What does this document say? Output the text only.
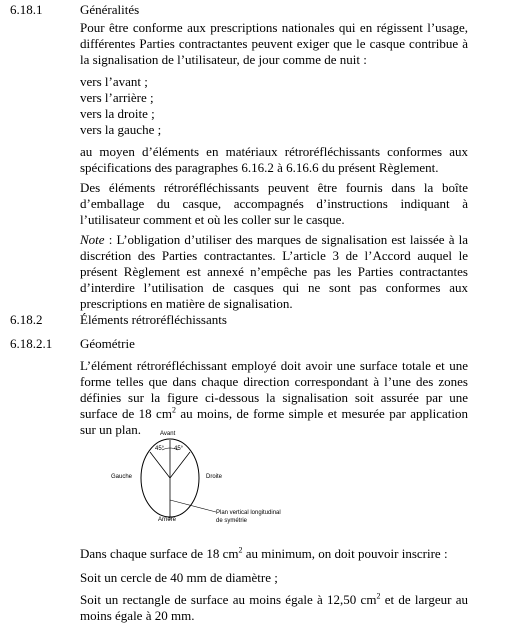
6.18.1	Généralités
Pour être conforme aux prescriptions nationales qui en régissent l’usage, différentes Parties contractantes peuvent exiger que le casque contribue à la signalisation de l’utilisateur, de jour comme de nuit :
vers l’avant ;
vers l’arrière ;
vers la droite ;
vers la gauche ;
au moyen d’éléments en matériaux rétroréfléchissants conformes aux spécifications des paragraphes 6.16.2 à 6.16.6 du présent Règlement.
Des éléments rétroréfléchissants peuvent être fournis dans la boîte d’emballage du casque, accompagnés d’instructions indiquant à l’utilisateur comment et où les coller sur le casque.
Note : L’obligation d’utiliser des marques de signalisation est laissée à la discrétion des Parties contractantes. L’article 3 de l’Accord auquel le présent Règlement est annexé n’empêche pas les Parties contractantes d’interdire l’utilisation de casques qui ne sont pas conformes aux prescriptions en matière de signalisation.
6.18.2	Éléments rétroréfléchissants
6.18.2.1 Géométrie
L’élément rétroréfléchissant employé doit avoir une surface totale et une forme telles que dans chaque direction correspondant à l’une des zones définies sur la figure ci-dessous la signalisation soit assurée par une surface de 18 $cm^2$ au moins, de forme simple et mesurée par application sur un plan.	Avant
45° 45°
Gauche	Droite
Arrière
Plan vertical longitudinal
de symétrie
Dans chaque surface de 18 $cm^2$ au minimum, on doit pouvoir inscrire :
Soit un cercle de 40 mm de diamètre ;
Soit un rectangle de surface au moins égale à 12,50 $cm^2$ et de largeur au moins égale à 20 mm.
